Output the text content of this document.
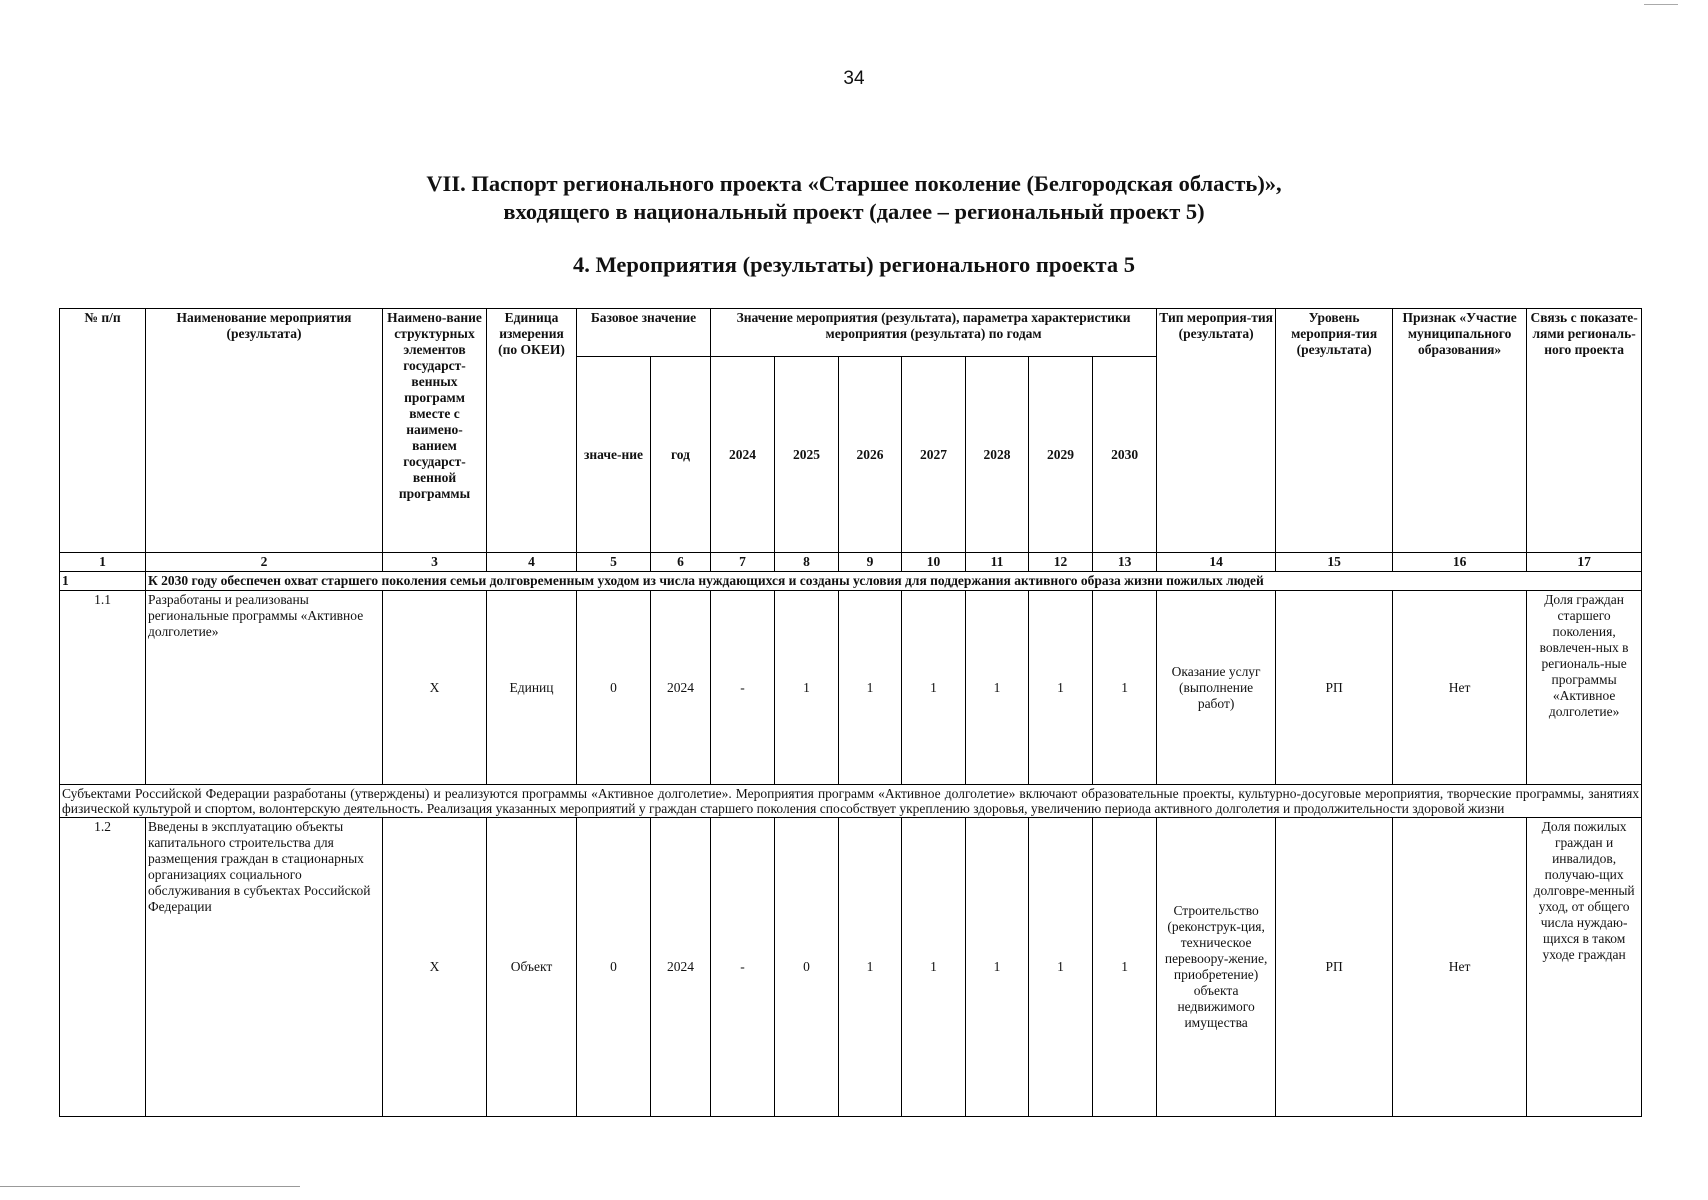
34
VII. Паспорт регионального проекта «Старшее поколение (Белгородская область)»,
входящего в национальный проект (далее – региональный проект 5)
4. Мероприятия (результаты) регионального проекта 5
№ п/п	Наименование мероприятия (результата)	Наимено-вание структурных элементов государст-венных программ вместе с наимено-ванием государст-венной программы	Единица измерения (по ОКЕИ)	Базовое значение		Значение мероприятия (результата), параметра характеристики мероприятия (результата) по годам							Тип мероприя-тия (результата)	Уровень мероприя-тия (результата)	Признак «Участие муниципального образования»	Связь с показате-лями региональ-ного проекта
				значе-ние	год	2024	2025	2026	2027	2028	2029	2030				
1	2	3	4	5	6	7	8	9	10	11	12	13	14	15	16	17
1	К 2030 году обеспечен охват старшего поколения семьи долговременным уходом из числа нуждающихся и созданы условия для поддержания активного образа жизни пожилых людей															
1.1	Разработаны и реализованы региональные программы «Активное долголетие»	Х	Единиц	0	2024	-	1	1	1	1	1	1	Оказание услуг (выполнение работ)	РП	Нет	Доля граждан старшего поколения, вовлечен-ных в региональ-ные программы «Активное долголетие»
Субъектами Российской Федерации разработаны (утверждены) и реализуются программы «Активное долголетие». Мероприятия программ «Активное долголетие» включают образовательные проекты, культурно-досуговые мероприятия, творческие программы, занятиях физической культурой и спортом, волонтерскую деятельность. Реализация указанных мероприятий у граждан старшего поколения способствует укреплению здоровья, увеличению периода активного долголетия и продолжительности здоровой жизни																
1.2	Введены в эксплуатацию объекты капитального строительства для размещения граждан в стационарных организациях социального обслуживания в субъектах Российской Федерации	Х	Объект	0	2024	-	0	1	1	1	1	1	Строительство (реконструк-ция, техническое перевоору-жение, приобретение) объекта недвижимого имущества	РП	Нет	Доля пожилых граждан и инвалидов, получаю-щих долговре-менный уход, от общего числа нуждаю-щихся в таком уходе граждан
